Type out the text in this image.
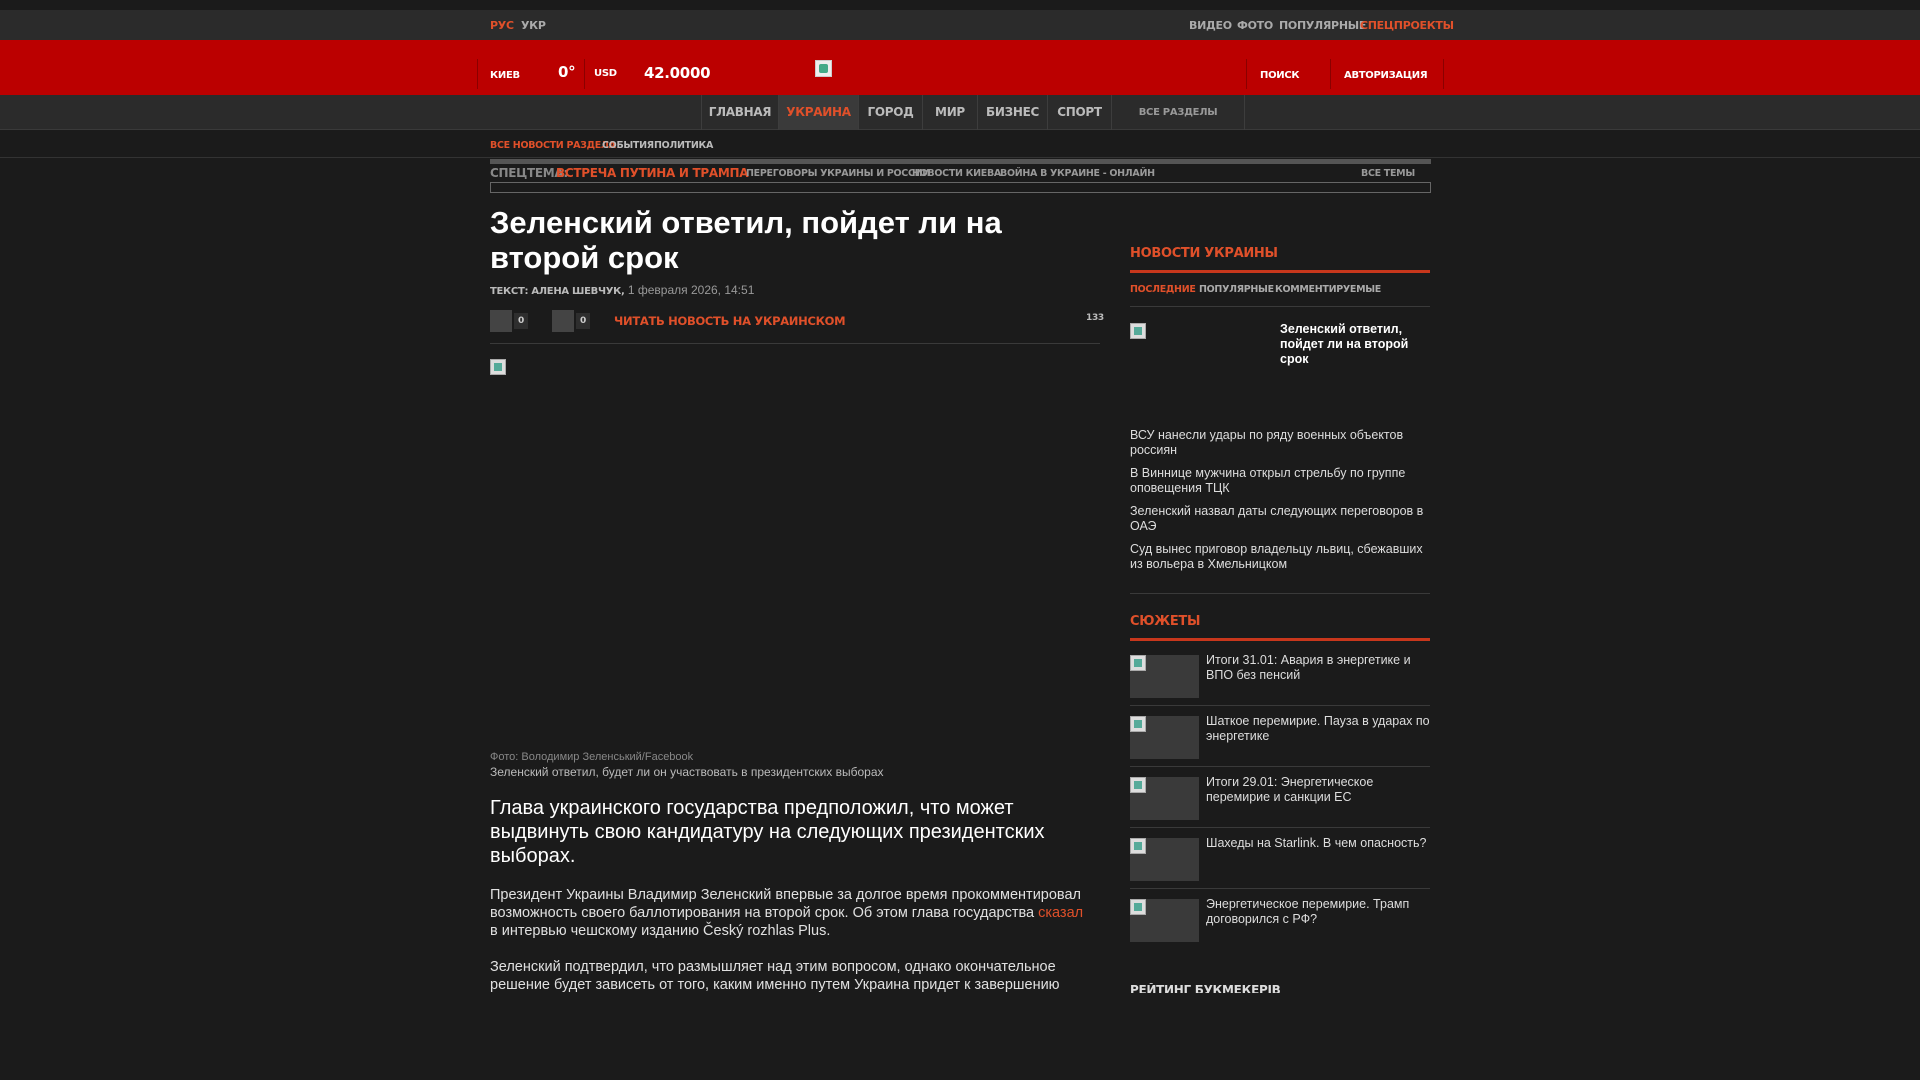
РУС УКР	ВИДЕО ФОТО ПОПУЛЯРНЫЕ
СПЕЦПРОЕКТЫ
КИЕВ	0° USD 42.0000	ПОИСК	АВТОРИЗАЦИЯ
ГЛАВНАЯ	УКРАИНА	ГОРОД	МИР	БИЗНЕС	СПОРТ	ВСЕ РАЗДЕЛЫ
ВСЕ НОВОСТИ РАЗДЕЛА
СОБЫТИЯ ПОЛИТИКА
СПЕЦТЕМА:
ВСТРЕЧА ПУТИНА И ТРАМПА
ПЕРЕГОВОРЫ УКРАИНЫ И РОССИИ
НОВОСТИ КИЕВА ВОЙНА В УКРАИНЕ - ОНЛАЙН	ВСЕ ТЕМЫ
Зеленский ответил, пойдет ли на второй срок
ТЕКСТ: АЛЕНА ШЕВЧУК, 1 февраля 2026, 14:51
0	0	ЧИТАТЬ НОВОСТЬ НА УКРАИНСКОМ	133
Фото: Володимир Зеленський/Facebook
Зеленский ответил, будет ли он участвовать в президентских выборах

Глава украинского государства предположил, что может выдвинуть свою кандидатуру на следующих президентских выборах.

Президент Украины Владимир Зеленский впервые за долгое время прокомментировал возможность своего баллотирования на второй срок. Об этом глава государства сказал в интервью чешскому изданию Český rozhlas Plus.

Зеленский подтвердил, что размышляет над этим вопросом, однако окончательное решение будет зависеть от того, каким именно путем Украина придет к завершению

НОВОСТИ УКРАИНЫ
ПОСЛЕДНИЕ ПОПУЛЯРНЫЕ КОММЕНТИРУЕМЫЕ
Зеленский ответил, пойдет ли на второй срок
ВСУ нанесли удары по ряду военных объектов россиян
В Виннице мужчина открыл стрельбу по группе оповещения ТЦК
Зеленский назвал даты следующих переговоров в ОАЭ
Суд вынес приговор владельцу львиц, сбежавших из вольера в Хмельницком
СЮЖЕТЫ
Итоги 31.01: Авария в энергетике и ВПО без пенсий
Шаткое перемирие. Пауза в ударах по энергетике
Итоги 29.01: Энергетическое перемирие и санкции ЕС
Шахеды на Starlink. В чем опасность?
Энергетическое перемирие. Трамп договорился с РФ?
РЕЙТИНГ БУКМЕКЕРІВ
